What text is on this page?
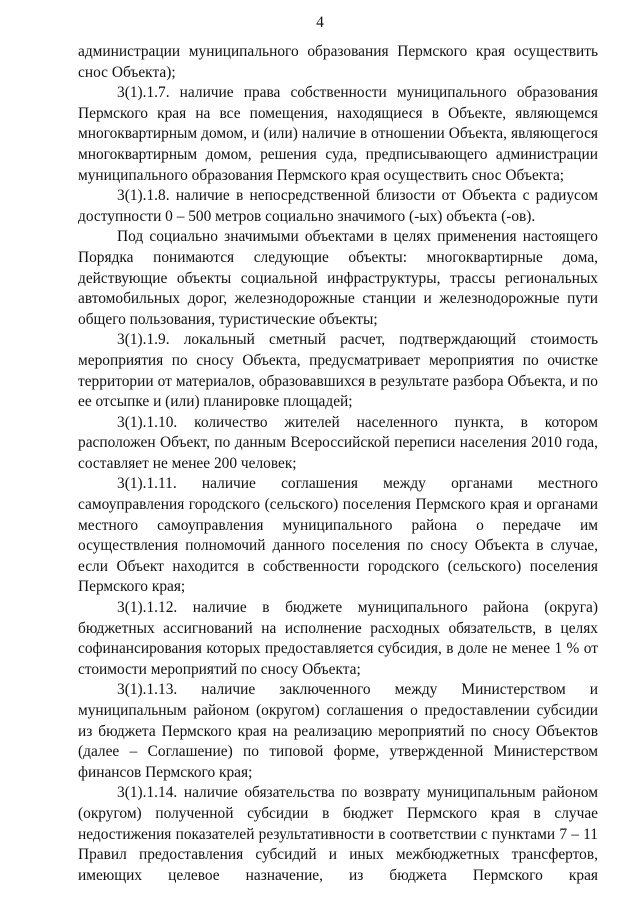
4

администрации муниципального образования Пермского края осуществить снос Объекта);

3(1).1.7. наличие права собственности муниципального образования Пермского края на все помещения, находящиеся в Объекте, являющемся многоквартирным домом, и (или) наличие в отношении Объекта, являющегося многоквартирным домом, решения суда, предписывающего администрации муниципального образования Пермского края осуществить снос Объекта;

3(1).1.8. наличие в непосредственной близости от Объекта с радиусом доступности 0 – 500 метров социально значимого (-ых) объекта (-ов).

Под социально значимыми объектами в целях применения настоящего Порядка понимаются следующие объекты: многоквартирные дома, действующие объекты социальной инфраструктуры, трассы региональных автомобильных дорог, железнодорожные станции и железнодорожные пути общего пользования, туристические объекты;

3(1).1.9. локальный сметный расчет, подтверждающий стоимость мероприятия по сносу Объекта, предусматривает мероприятия по очистке территории от материалов, образовавшихся в результате разбора Объекта, и по ее отсыпке и (или) планировке площадей;

3(1).1.10. количество жителей населенного пункта, в котором расположен Объект, по данным Всероссийской переписи населения 2010 года, составляет не менее 200 человек;

3(1).1.11. наличие соглашения между органами местного самоуправления городского (сельского) поселения Пермского края и органами местного самоуправления муниципального района о передаче им осуществления полномочий данного поселения по сносу Объекта в случае, если Объект находится в собственности городского (сельского) поселения Пермского края;

3(1).1.12. наличие в бюджете муниципального района (округа) бюджетных ассигнований на исполнение расходных обязательств, в целях софинансирования которых предоставляется субсидия, в доле не менее 1 % от стоимости мероприятий по сносу Объекта;

3(1).1.13. наличие заключенного между Министерством и муниципальным районом (округом) соглашения о предоставлении субсидии из бюджета Пермского края на реализацию мероприятий по сносу Объектов (далее – Соглашение) по типовой форме, утвержденной Министерством финансов Пермского края;

3(1).1.14. наличие обязательства по возврату муниципальным районом (округом) полученной субсидии в бюджет Пермского края в случае недостижения показателей результативности в соответствии с пунктами 7 – 11 Правил предоставления субсидий и иных межбюджетных трансфертов, имеющих целевое назначение, из бюджета Пермского края
